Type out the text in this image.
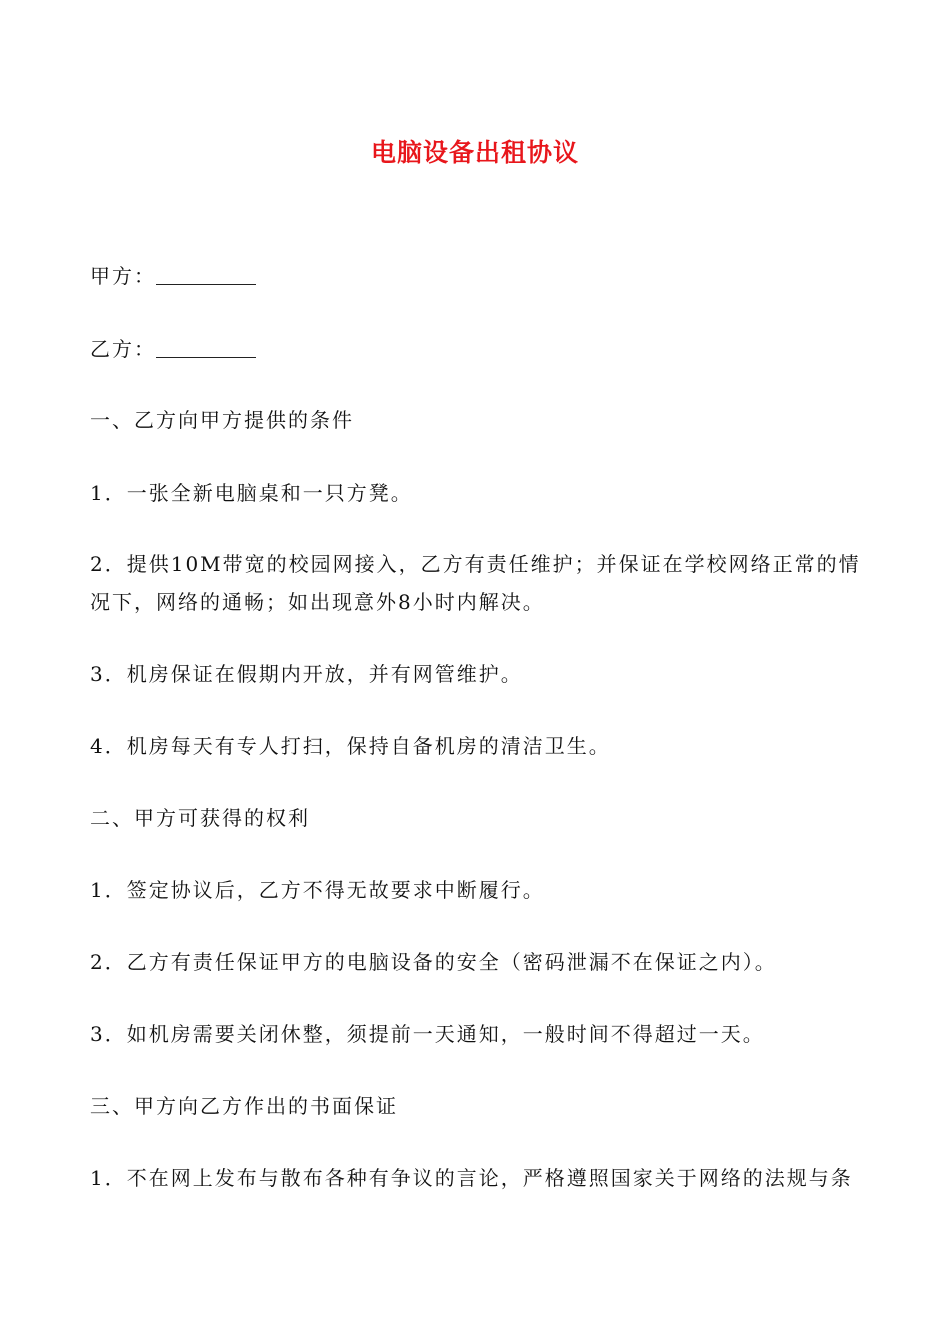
电脑设备出租协议
甲方：
乙方：
一、乙方向甲方提供的条件
1．一张全新电脑桌和一只方凳。
2．提供10M带宽的校园网接入，乙方有责任维护；并保证在学校网络正常的情
况下，网络的通畅；如出现意外8小时内解决。
3．机房保证在假期内开放，并有网管维护。
4．机房每天有专人打扫，保持自备机房的清洁卫生。
二、甲方可获得的权利
1．签定协议后，乙方不得无故要求中断履行。
2．乙方有责任保证甲方的电脑设备的安全（密码泄漏不在保证之内）。
3．如机房需要关闭休整，须提前一天通知，一般时间不得超过一天。
三、甲方向乙方作出的书面保证
1．不在网上发布与散布各种有争议的言论，严格遵照国家关于网络的法规与条
